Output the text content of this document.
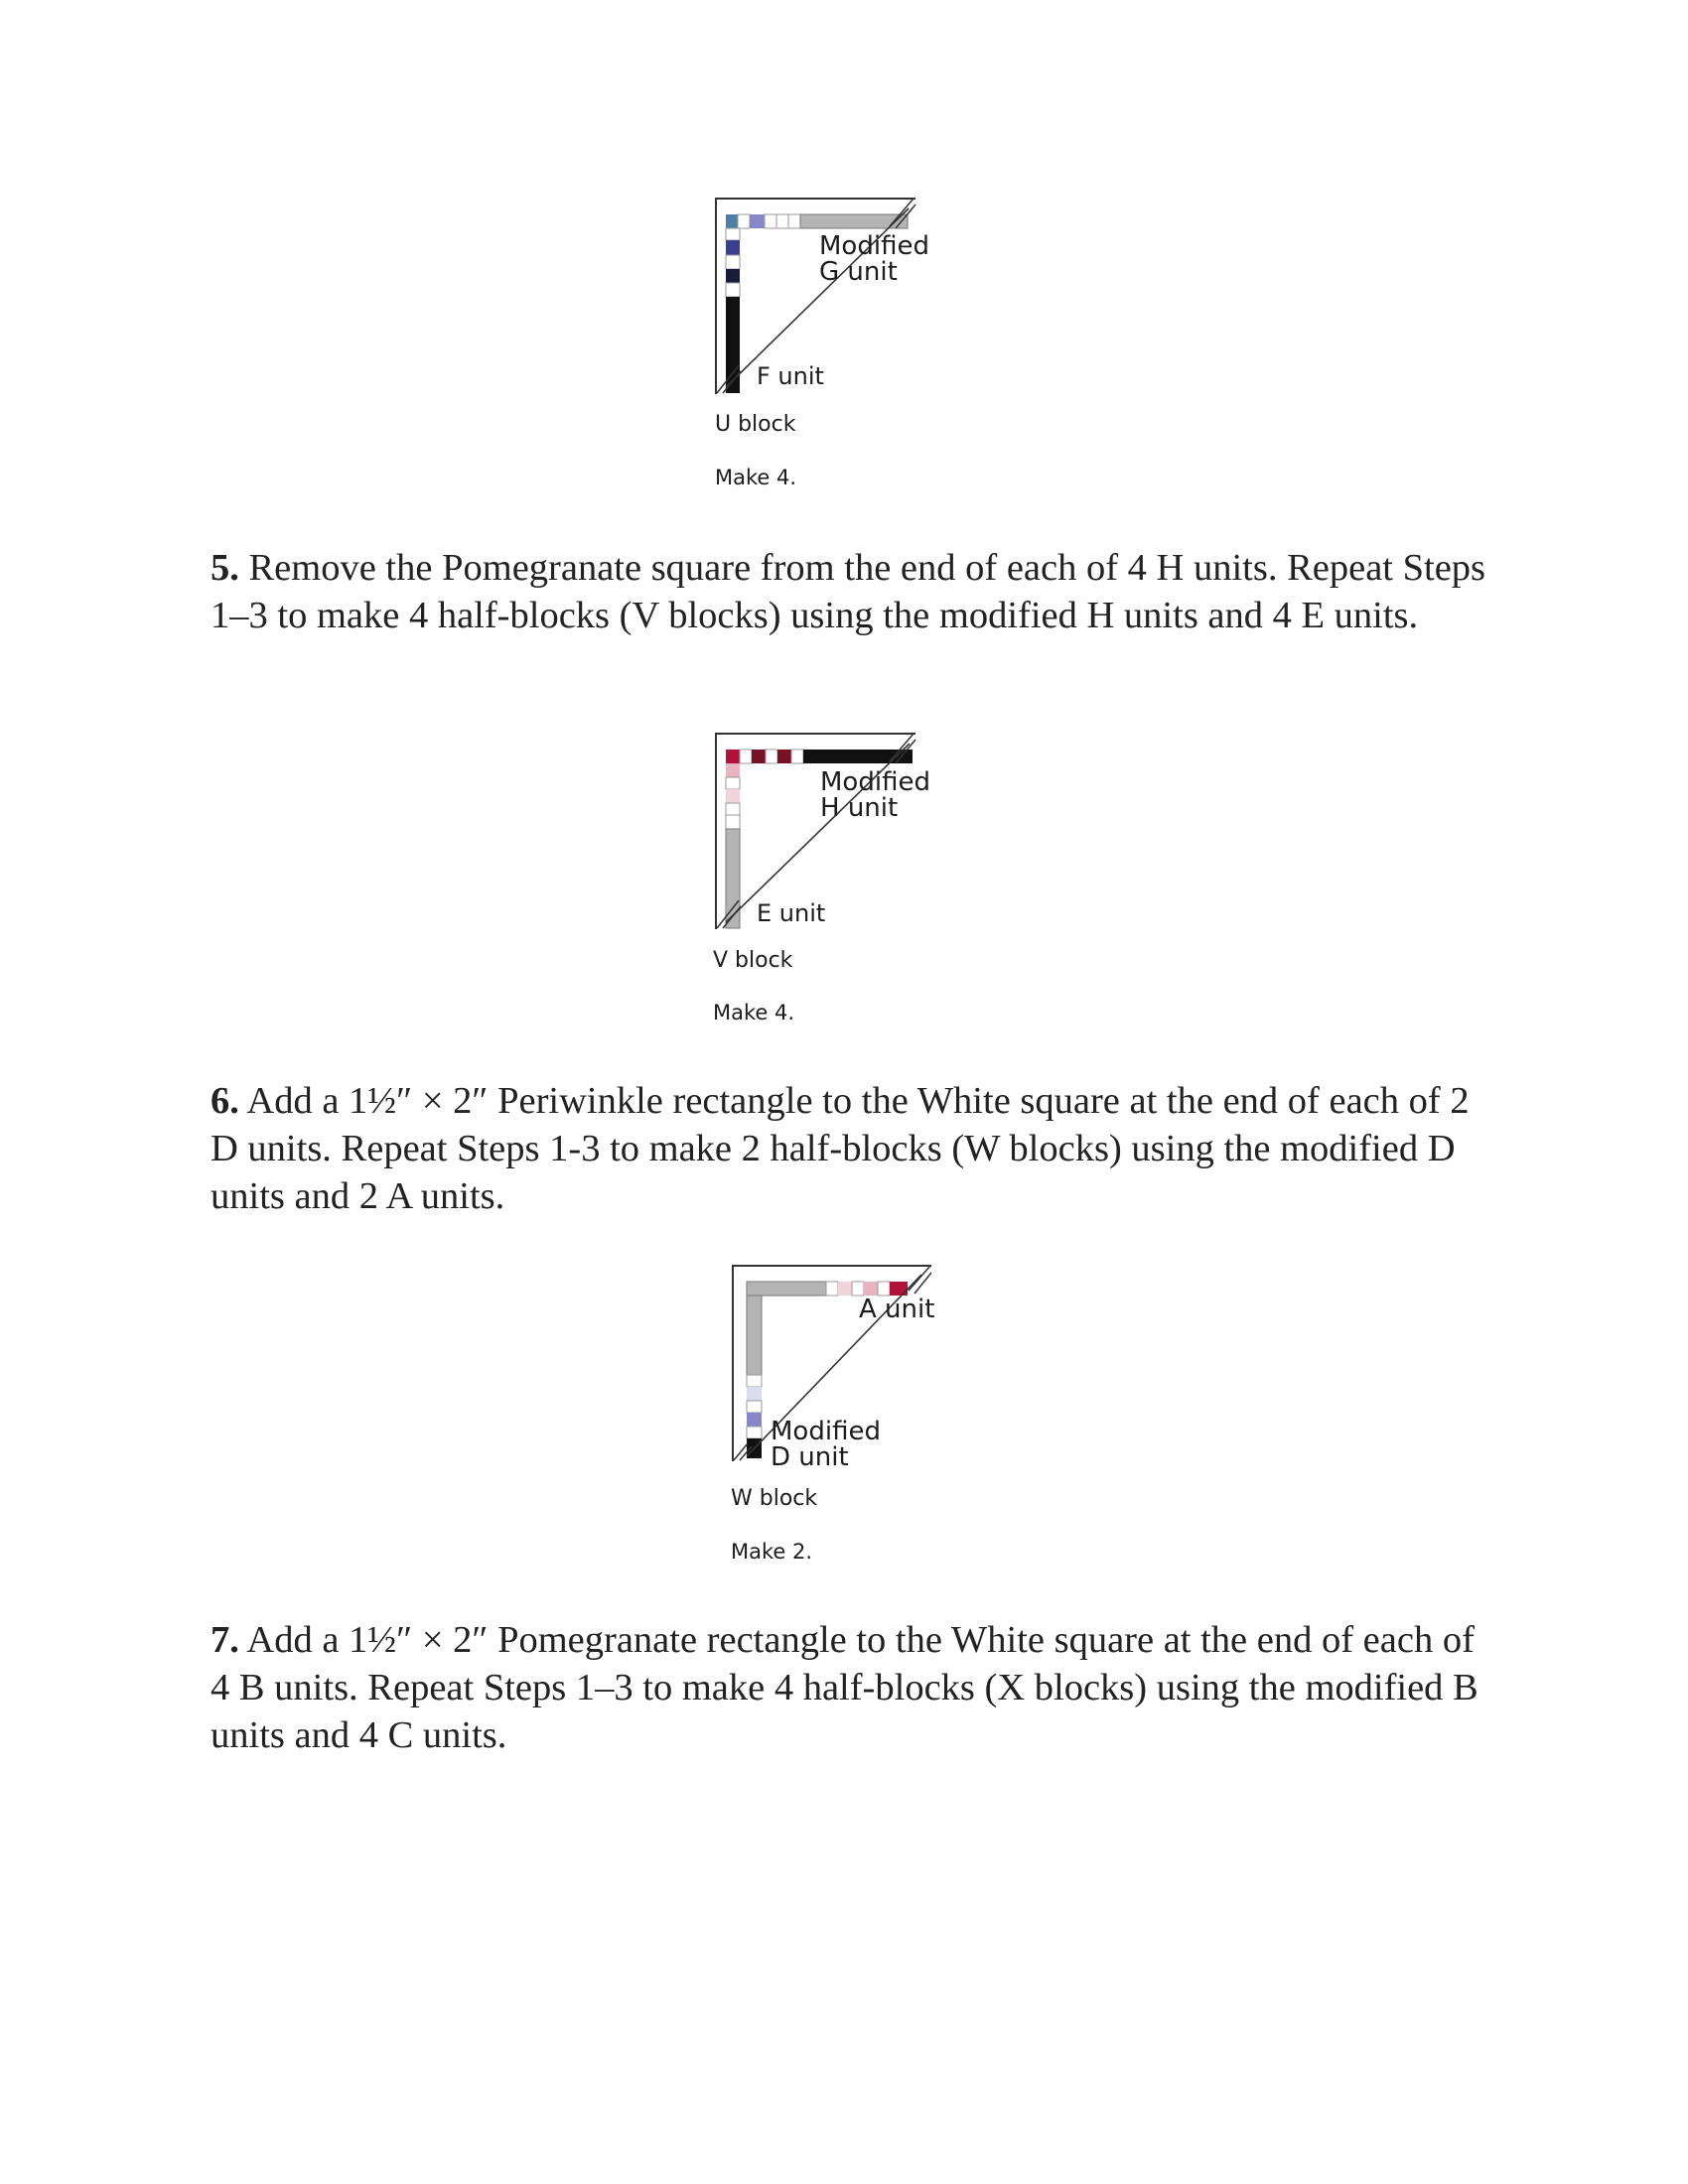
Modified
G unit
F unit
U block
Make 4.
5. Remove the Pomegranate square from the end of each of 4 H units. Repeat Steps 1–3 to make 4 half-blocks (V blocks) using the modified H units and 4 E units.
Modified
H unit
E unit
V block
Make 4.
6. Add a 1½″ × 2″ Periwinkle rectangle to the White square at the end of each of 2 D units. Repeat Steps 1-3 to make 2 half-blocks (W blocks) using the modified D units and 2 A units.
A unit
Modified
D unit
W block
Make 2.
7. Add a 1½″ × 2″ Pomegranate rectangle to the White square at the end of each of 4 B units. Repeat Steps 1–3 to make 4 half-blocks (X blocks) using the modified B units and 4 C units.
